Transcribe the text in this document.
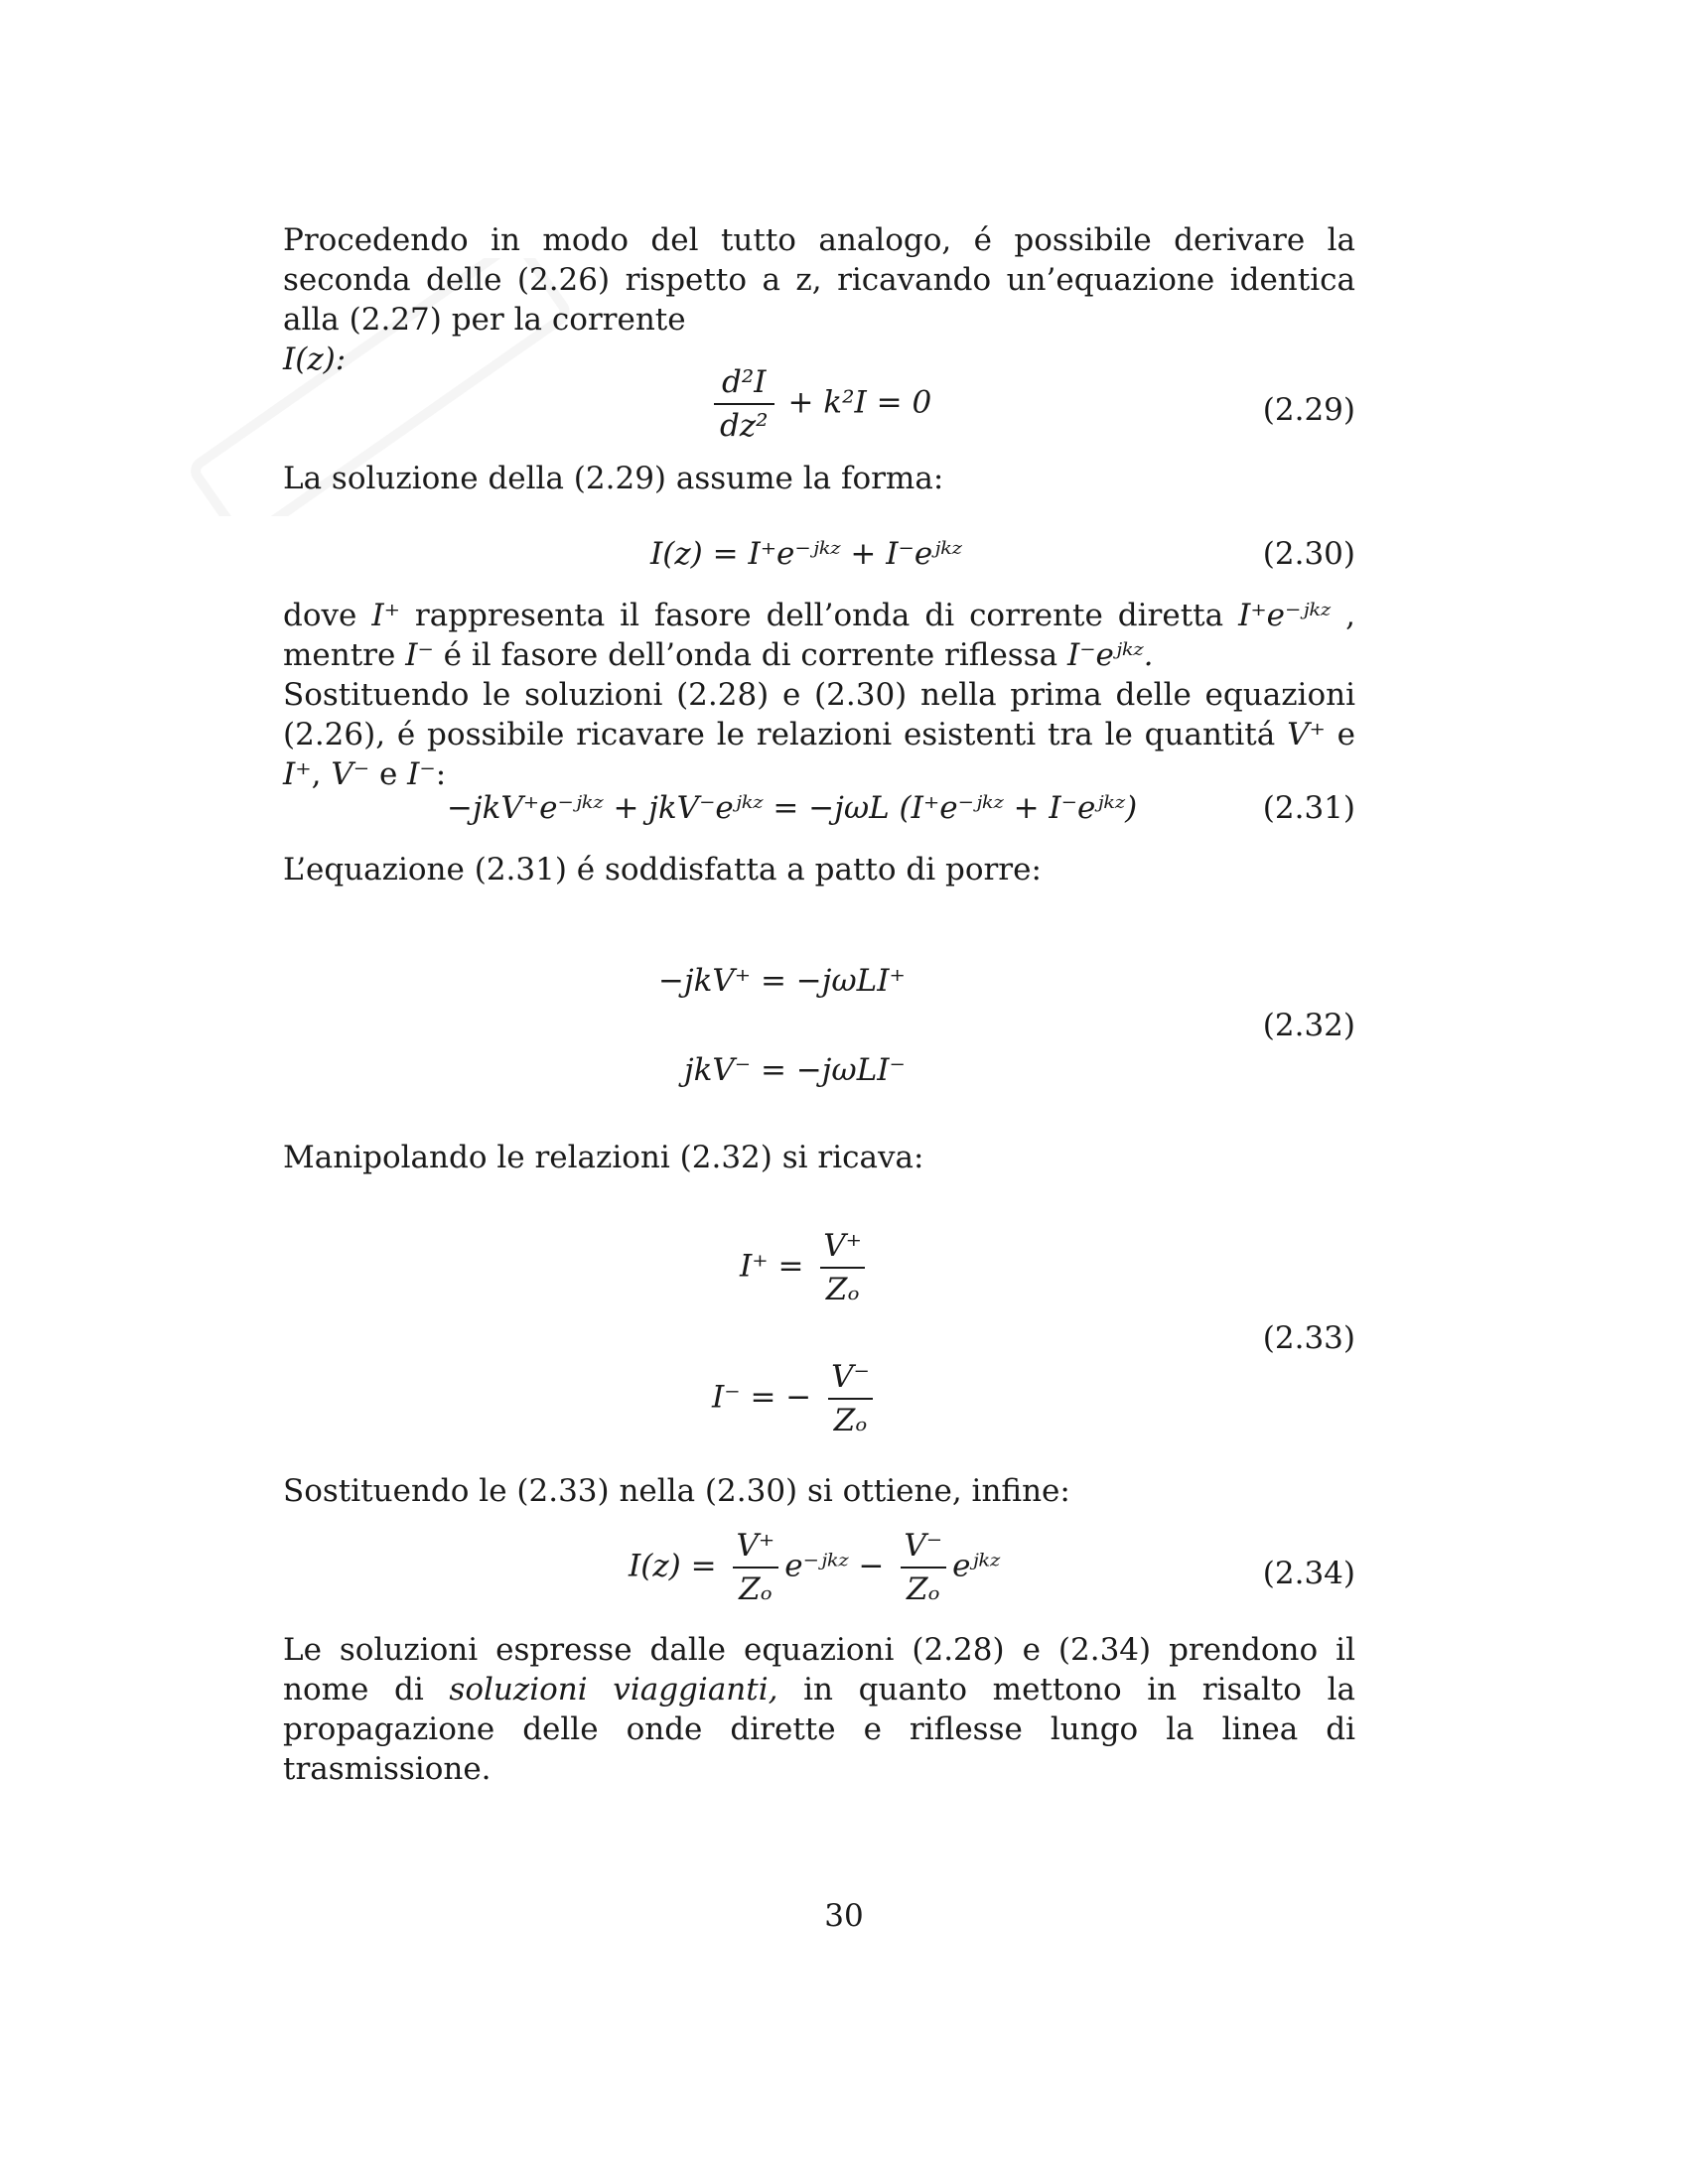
Procedendo in modo del tutto analogo, é possibile derivare la seconda delle (2.26) rispetto a z, ricavando un’equazione identica alla (2.27) per la corrente
I(z):

$\frac{\text{d²I}}{\text{dz²}} + k^2I = 0$	(2.29)

La soluzione della (2.29) assume la forma:

I(z) = I⁺e⁻ʲᵏᶻ + I⁻eʲᵏᶻ	(2.30)

dove I⁺ rappresenta il fasore dell’onda di corrente diretta I⁺e⁻ʲᵏᶻ , mentre I⁻ é il fasore dell’onda di corrente riflessa I⁻eʲᵏᶻ.

Sostituendo le soluzioni (2.28) e (2.30) nella prima delle equazioni (2.26), é possibile ricavare le relazioni esistenti tra le quantitá V⁺ e I⁺, V⁻ e I⁻:

−jkV⁺e⁻ʲᵏᶻ + jkV⁻eʲᵏᶻ = −jωL (I⁺e⁻ʲᵏᶻ + I⁻eʲᵏᶻ)	(2.31)

L’equazione (2.31) é soddisfatta a patto di porre:

−jkV⁺ = −jωLI⁺
jkV⁻ = −jωLI⁻
(2.32)

Manipolando le relazioni (2.32) si ricava:

$I^+ = \frac{V^+}{\text{Zₒ}}$
I⁻ = − $\frac{V^-}{\text{Zₒ}}$
(2.33)

Sostituendo le (2.33) nella (2.30) si ottiene, infine:

$I(z) = \frac{V^+}{\text{Zₒ}}$ e⁻ʲᵏᶻ − $\frac{V^-}{\text{Zₒ}}$ eʲᵏᶻ	(2.34)

Le soluzioni espresse dalle equazioni (2.28) e (2.34) prendono il nome di soluzioni viaggianti, in quanto mettono in risalto la propagazione delle onde dirette e riflesse lungo la linea di trasmissione.

30
